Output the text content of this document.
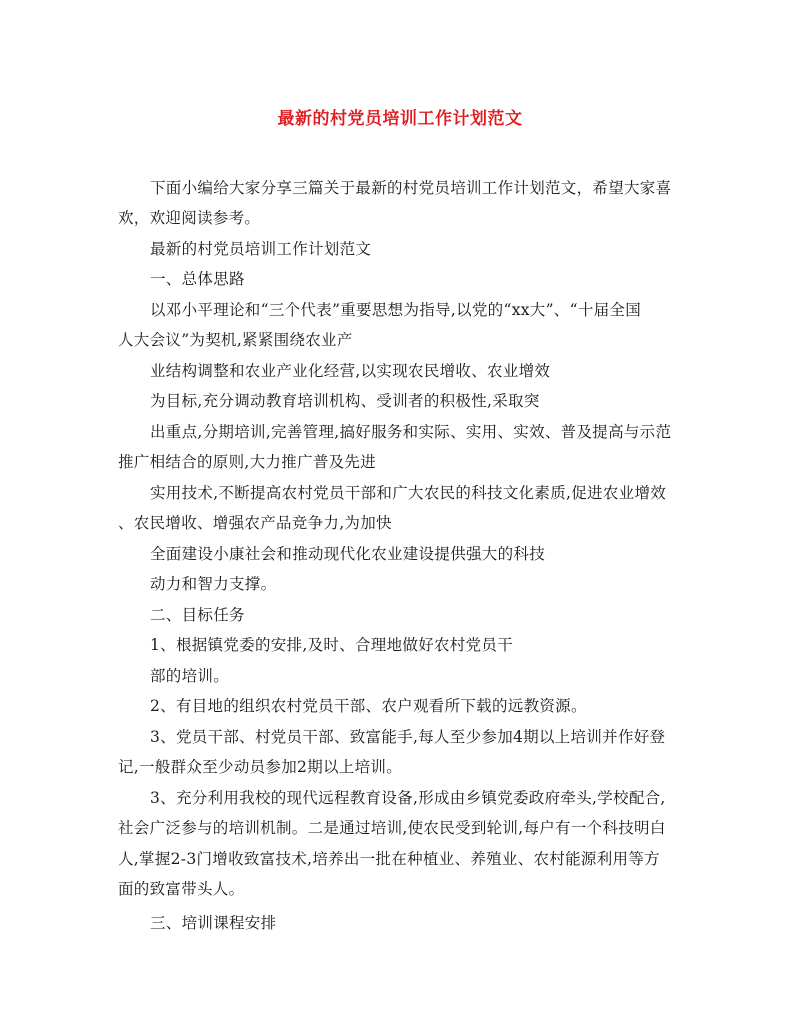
最新的村党员培训工作计划范文
下面小编给大家分享三篇关于最新的村党员培训工作计划范文，希望大家喜
欢，欢迎阅读参考。
最新的村党员培训工作计划范文
一、总体思路
以邓小平理论和“三个代表”重要思想为指导,以党的“xx大”、“十届全国
人大会议”为契机,紧紧围绕农业产
业结构调整和农业产业化经营,以实现农民增收、农业增效
为目标,充分调动教育培训机构、受训者的积极性,采取突
出重点,分期培训,完善管理,搞好服务和实际、实用、实效、普及提高与示范
推广相结合的原则,大力推广普及先进
实用技术,不断提高农村党员干部和广大农民的科技文化素质,促进农业增效
、农民增收、增强农产品竞争力,为加快
全面建设小康社会和推动现代化农业建设提供强大的科技
动力和智力支撑。
二、目标任务
1、根据镇党委的安排,及时、合理地做好农村党员干
部的培训。
2、有目地的组织农村党员干部、农户观看所下载的远教资源。
3、党员干部、村党员干部、致富能手,每人至少参加4期以上培训并作好登
记,一般群众至少动员参加2期以上培训。
3、充分利用我校的现代远程教育设备,形成由乡镇党委政府牵头,学校配合,
社会广泛参与的培训机制。二是通过培训,使农民受到轮训,每户有一个科技明白
人,掌握2-3门增收致富技术,培养出一批在种植业、养殖业、农村能源利用等方
面的致富带头人。
三、培训课程安排
